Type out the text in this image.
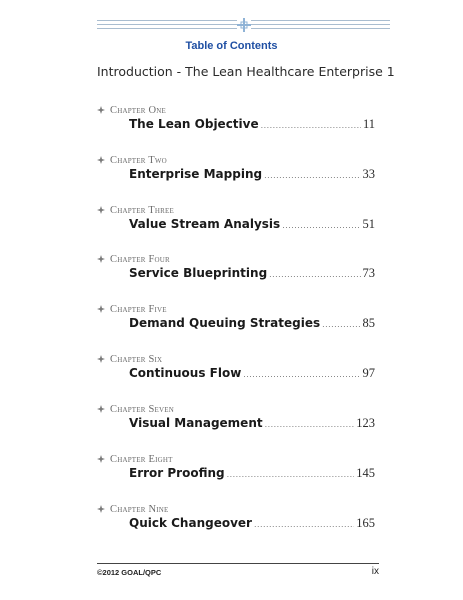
Table of Contents
Introduction - The Lean Healthcare Enterprise 1
Chapter One
The Lean Objective .....	11
Chapter Two
Enterprise Mapping .....	33
Chapter Three
Value Stream Analysis .....	51
Chapter Four
Service Blueprinting .....	73
Chapter Five
Demand Queuing Strategies .....	85
Chapter Six
Continuous Flow .....	97
Chapter Seven
Visual Management .....	123
Chapter Eight
Error Proofing .....	145
Chapter Nine
Quick Changeover .....	165
©2012 GOAL/QPC	ix
